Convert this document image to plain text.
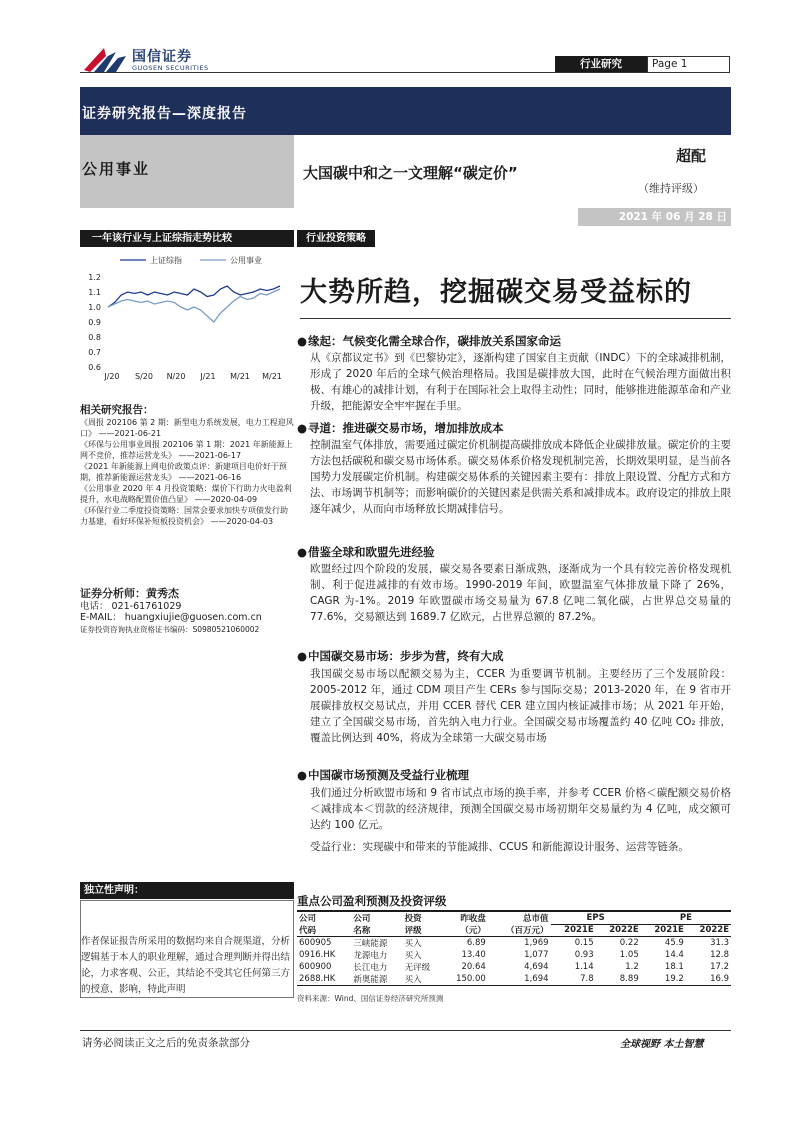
国信证券
GUOSEN SECURITIES	行业研究	Page 1
证券研究报告—深度报告
公用事业	大国碳中和之一文理解“碳定价”
超配
（维持评级）
2021 年 06 月 28 日
一年该行业与上证综指走势比较
上证综指	公用事业
1.2
1.1
1.0
0.9
0.8
0.7
0.6
J/20 S/20 N/20 J/21 M/21 M/21
相关研究报告：
《周报 202106 第 2 期：新型电力系统发展，电力工程迎风口》 ——2021-06-21
《环保与公用事业周报 202106 第 1 期：2021 年新能源上网不竞价，推荐运营龙头》 ——2021-06-17
《2021 年新能源上网电价政策点评：新建项目电价好于预期，推荐新能源运营龙头》 ——2021-06-16
《公用事业 2020 年 4 月投资策略：煤价下行助力火电盈利提升，水电战略配置价值凸显》 ——2020-04-09
《环保行业二季度投资策略：国常会要求加快专项债发行助力基建，看好环保补短板投资机会》 ——2020-04-03
证券分析师：黄秀杰
电话： 021-61761029
E-MAIL： huangxiujie@guosen.com.cn
证券投资咨询执业资格证书编码：S0980521060002
独立性声明：
作者保证报告所采用的数据均来自合规渠道，分析逻辑基于本人的职业理解，通过合理判断并得出结论，力求客观、公正，其结论不受其它任何第三方的授意、影响，特此声明
行业投资策略
大势所趋，挖掘碳交易受益标的
●缘起：气候变化需全球合作，碳排放关系国家命运
从《京都议定书》到《巴黎协定》，逐渐构建了国家自主贡献（INDC）下的全球减排机制，形成了 2020 年后的全球气候治理格局。我国是碳排放大国，此时在气候治理方面做出积极、有雄心的减排计划，有利于在国际社会上取得主动性；同时，能够推进能源革命和产业升级，把能源安全牢牢握在手里。
●寻道：推进碳交易市场，增加排放成本
控制温室气体排放，需要通过碳定价机制提高碳排放成本降低企业碳排放量。碳定价的主要方法包括碳税和碳交易市场体系。碳交易体系价格发现机制完善，长期效果明显，是当前各国势力发展碳定价机制。构建碳交易体系的关键因素主要有：排放上限设置、分配方式和方法、市场调节机制等；而影响碳价的关键因素是供需关系和减排成本。政府设定的排放上限逐年减少，从而向市场释放长期减排信号。
●借鉴全球和欧盟先进经验
欧盟经过四个阶段的发展，碳交易各要素日渐成熟，逐渐成为一个具有较完善价格发现机制、利于促进减排的有效市场。1990-2019 年间，欧盟温室气体排放量下降了 26%，CAGR 为-1%。2019 年欧盟碳市场交易量为 67.8 亿吨二氧化碳，占世界总交易量的 77.6%，交易额达到 1689.7 亿欧元，占世界总额的 87.2%。
●中国碳交易市场：步步为营，终有大成
我国碳交易市场以配额交易为主，CCER 为重要调节机制。主要经历了三个发展阶段：2005-2012 年，通过 CDM 项目产生 CERs 参与国际交易；2013-2020 年，在 9 省市开展碳排放权交易试点，并用 CCER 替代 CER 建立国内核证减排市场；从 2021 年开始，建立了全国碳交易市场，首先纳入电力行业。全国碳交易市场覆盖约 40 亿吨 CO₂ 排放，覆盖比例达到 40%，将成为全球第一大碳交易市场
●中国碳市场预测及受益行业梳理
我们通过分析欧盟市场和 9 省市试点市场的换手率，并参考 CCER 价格＜碳配额交易价格＜减排成本＜罚款的经济规律，预测全国碳交易市场初期年交易量约为 4 亿吨，成交额可达约 100 亿元。
受益行业：实现碳中和带来的节能减排、CCUS 和新能源设计服务、运营等链条。
重点公司盈利预测及投资评级
公司	公司	投资	昨收盘	总市值	EPS		PE	
代码	名称	评级	（元）	（百万元）	2021E	2022E	2021E	2022E
600905	三峡能源	买入	6.89	1,969	0.15	0.22	45.9	31.3
0916.HK	龙源电力	买入	13.40	1,077	0.93	1.05	14.4	12.8
600900	长江电力	无评级	20.64	4,694	1.14	1.2	18.1	17.2
2688.HK	新奥能源	买入	150.00	1,694	7.8	8.89	19.2	16.9
资料来源：Wind、国信证券经济研究所预测
请务必阅读正文之后的免责条款部分	全球视野 本土智慧
